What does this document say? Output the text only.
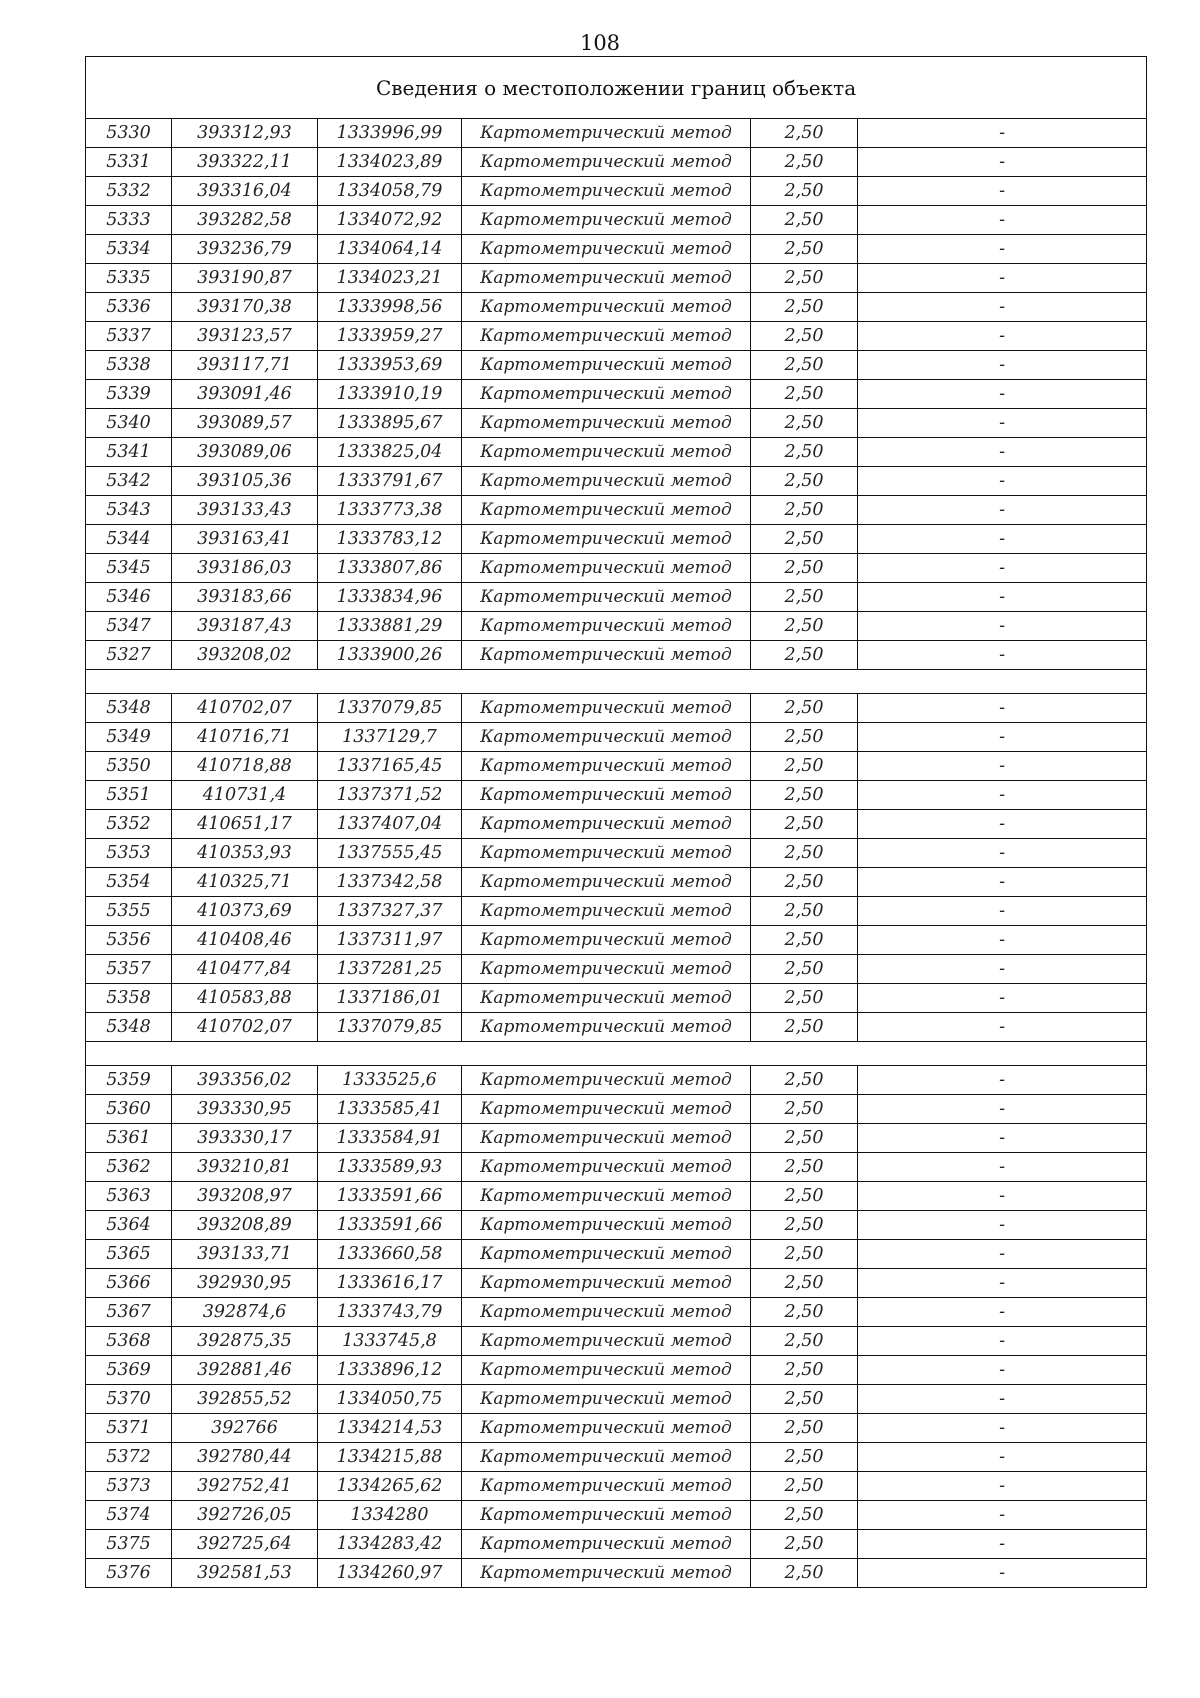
108
Сведения о местоположении границ объекта					
5330	393312,93	1333996,99	Картометрический метод	2,50	-
5331	393322,11	1334023,89	Картометрический метод	2,50	-
5332	393316,04	1334058,79	Картометрический метод	2,50	-
5333	393282,58	1334072,92	Картометрический метод	2,50	-
5334	393236,79	1334064,14	Картометрический метод	2,50	-
5335	393190,87	1334023,21	Картометрический метод	2,50	-
5336	393170,38	1333998,56	Картометрический метод	2,50	-
5337	393123,57	1333959,27	Картометрический метод	2,50	-
5338	393117,71	1333953,69	Картометрический метод	2,50	-
5339	393091,46	1333910,19	Картометрический метод	2,50	-
5340	393089,57	1333895,67	Картометрический метод	2,50	-
5341	393089,06	1333825,04	Картометрический метод	2,50	-
5342	393105,36	1333791,67	Картометрический метод	2,50	-
5343	393133,43	1333773,38	Картометрический метод	2,50	-
5344	393163,41	1333783,12	Картометрический метод	2,50	-
5345	393186,03	1333807,86	Картометрический метод	2,50	-
5346	393183,66	1333834,96	Картометрический метод	2,50	-
5347	393187,43	1333881,29	Картометрический метод	2,50	-
5327	393208,02	1333900,26	Картометрический метод	2,50	-

5348	410702,07	1337079,85	Картометрический метод	2,50	-
5349	410716,71	1337129,7	Картометрический метод	2,50	-
5350	410718,88	1337165,45	Картометрический метод	2,50	-
5351	410731,4	1337371,52	Картометрический метод	2,50	-
5352	410651,17	1337407,04	Картометрический метод	2,50	-
5353	410353,93	1337555,45	Картометрический метод	2,50	-
5354	410325,71	1337342,58	Картометрический метод	2,50	-
5355	410373,69	1337327,37	Картометрический метод	2,50	-
5356	410408,46	1337311,97	Картометрический метод	2,50	-
5357	410477,84	1337281,25	Картометрический метод	2,50	-
5358	410583,88	1337186,01	Картометрический метод	2,50	-
5348	410702,07	1337079,85	Картометрический метод	2,50	-

5359	393356,02	1333525,6	Картометрический метод	2,50	-
5360	393330,95	1333585,41	Картометрический метод	2,50	-
5361	393330,17	1333584,91	Картометрический метод	2,50	-
5362	393210,81	1333589,93	Картометрический метод	2,50	-
5363	393208,97	1333591,66	Картометрический метод	2,50	-
5364	393208,89	1333591,66	Картометрический метод	2,50	-
5365	393133,71	1333660,58	Картометрический метод	2,50	-
5366	392930,95	1333616,17	Картометрический метод	2,50	-
5367	392874,6	1333743,79	Картометрический метод	2,50	-
5368	392875,35	1333745,8	Картометрический метод	2,50	-
5369	392881,46	1333896,12	Картометрический метод	2,50	-
5370	392855,52	1334050,75	Картометрический метод	2,50	-
5371	392766	1334214,53	Картометрический метод	2,50	-
5372	392780,44	1334215,88	Картометрический метод	2,50	-
5373	392752,41	1334265,62	Картометрический метод	2,50	-
5374	392726,05	1334280	Картометрический метод	2,50	-
5375	392725,64	1334283,42	Картометрический метод	2,50	-
5376	392581,53	1334260,97	Картометрический метод	2,50	-
